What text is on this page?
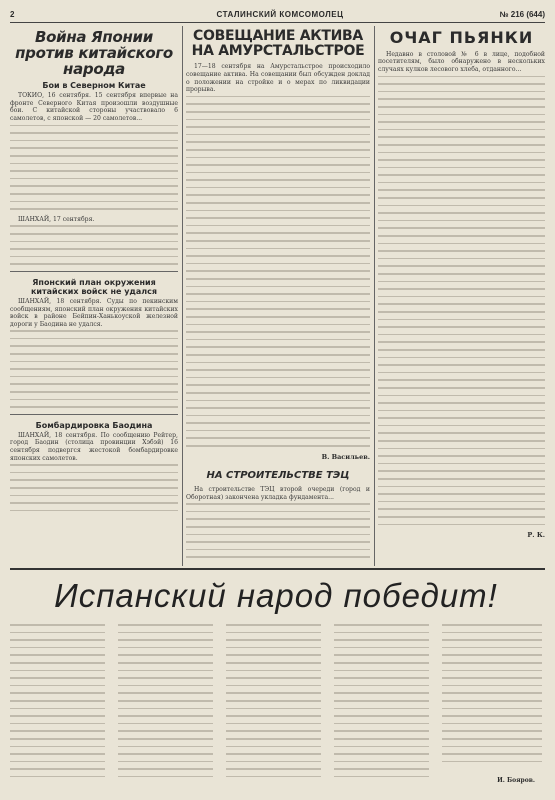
2	СТАЛИНСКИЙ КОМСОМОЛЕЦ	№ 216 (644)
Война Японии против китайского народа
Бои в Северном Китае

ТОКИО, 16 сентября. 15 сентября впервые на фронте Северного Китая произошли воздушные бои. С китайской стороны участвовало 6 самолетов, с японской — 20 самолетов...

ШАНХАЙ, 17 сентября.

Японский план окружения китайских войск не удался

ШАНХАЙ, 18 сентября. Суды по пекинским сообщениям, японский план окружения китайских войск в районе Бейпин-Ханькоуской железной дороги у Баодина не удался.

Бомбардировка Баодина

ШАНХАЙ, 18 сентября. По сообщению Рейтер, город Баодин (столица провинции Хэбэй) 16 сентября подвергся жестокой бомбардировке японских самолетов.

СОВЕЩАНИЕ АКТИВА НА АМУРСТАЛЬСТРОЕ

17—18 сентября на Амурстальстрое происходило совещание актива. На совещании был обсужден доклад о положении на стройке и о мерах по ликвидации прорыва.

В. Васильев.
НА СТРОИТЕЛЬСТВЕ ТЭЦ

На строительстве ТЭЦ второй очереди (город и Оборотная) закончена укладка фундамента...

ОЧАГ ПЬЯНКИ

Недавно в столовой № 6 в лице, подобной посетителям, было обнаружено в нескольких случаях кулков лесового хлеба, отданного...

Р. К.
Испанский народ победит!
И. Бояров.
